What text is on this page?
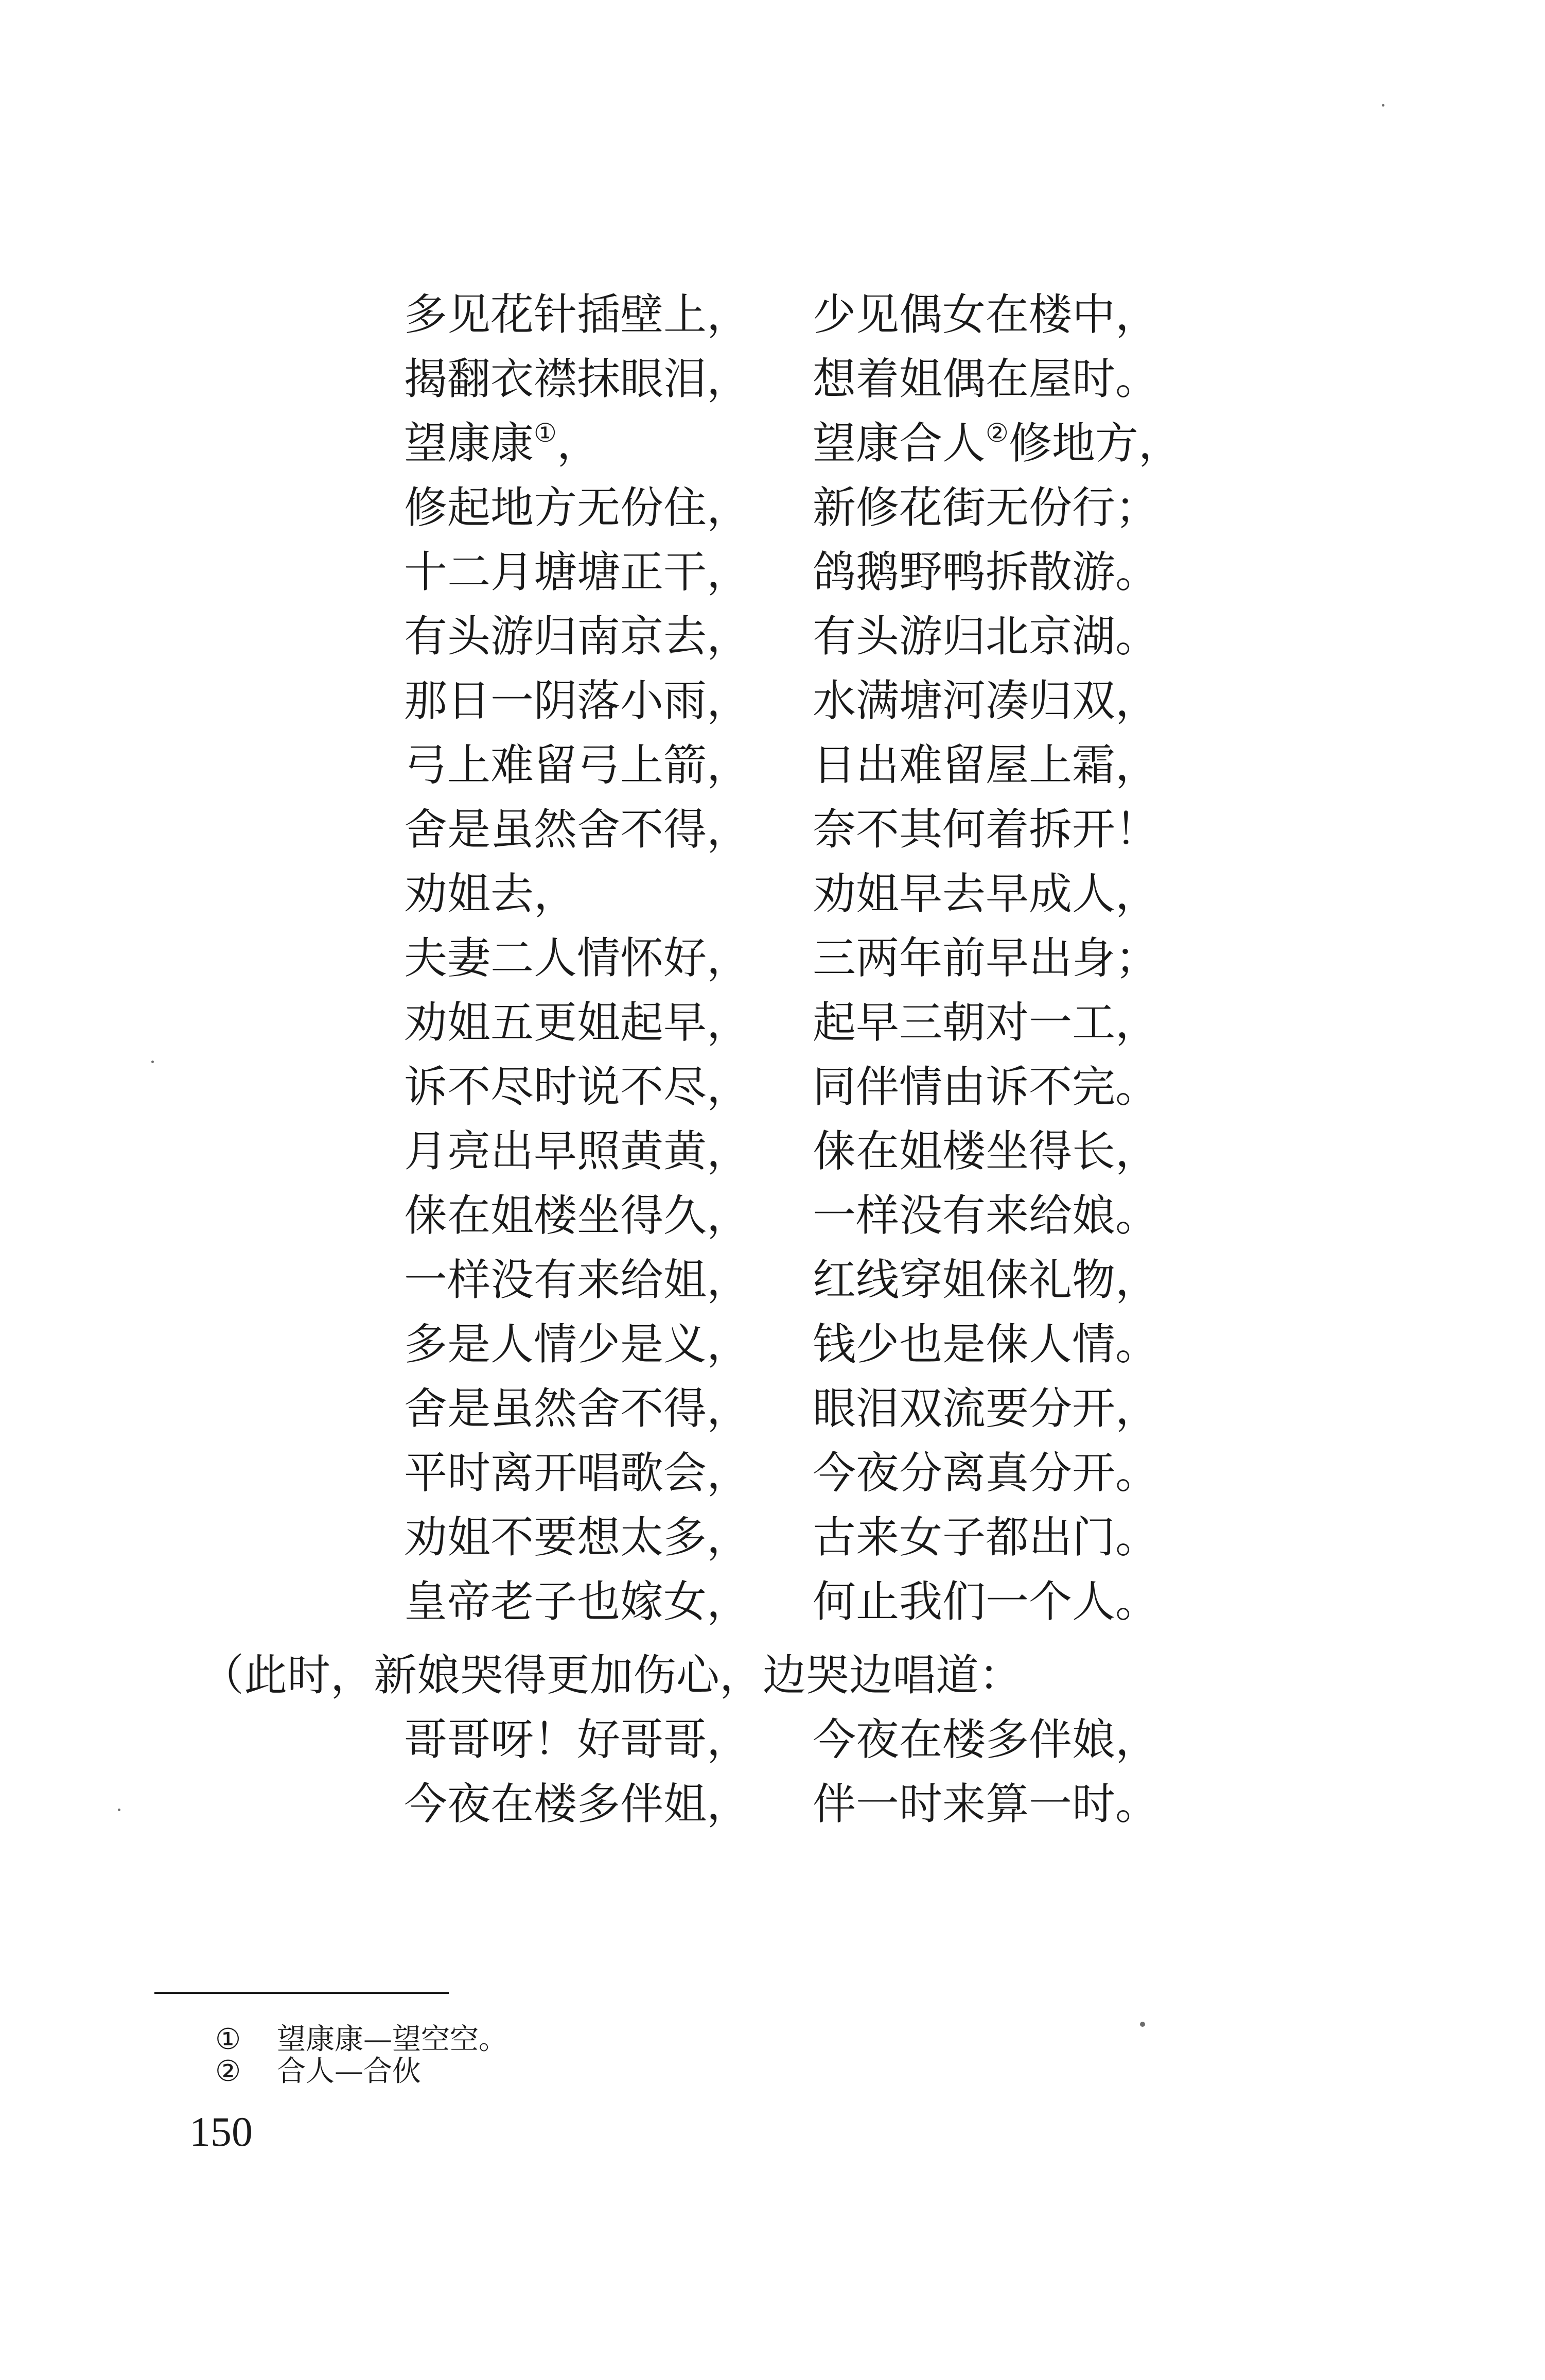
多见花针插壁上， 少见偶女在楼中，
揭翻衣襟抹眼泪， 想着姐偶在屋时。
望康康①，	望康合人②修地方，
修起地方无份住， 新修花街无份行；
十二月塘塘正干， 鸽鹅野鸭拆散游。
有头游归南京去， 有头游归北京湖。
那日一阴落小雨， 水满塘河凑归双，
弓上难留弓上箭， 日出难留屋上霜，
舍是虽然舍不得， 奈不其何着拆开！
劝姐去，	劝姐早去早成人，
夫妻二人情怀好， 三两年前早出身；
劝姐五更姐起早， 起早三朝对一工，
诉不尽时说不尽， 同伴情由诉不完。
月亮出早照黄黄， 俫在姐楼坐得长，
俫在姐楼坐得久， 一样没有来给娘。
一样没有来给姐， 红线穿姐俫礼物，
多是人情少是义， 钱少也是俫人情。
舍是虽然舍不得， 眼泪双流要分开，
平时离开唱歌会， 今夜分离真分开。
劝姐不要想太多， 古来女子都出门。
皇帝老子也嫁女， 何止我们一个人。
（此时，新娘哭得更加伤心，边哭边唱道：
哥哥呀！好哥哥， 今夜在楼多伴娘，
今夜在楼多伴姐， 伴一时来算一时。
① 望康康—望空空。
② 合人—合伙
150
